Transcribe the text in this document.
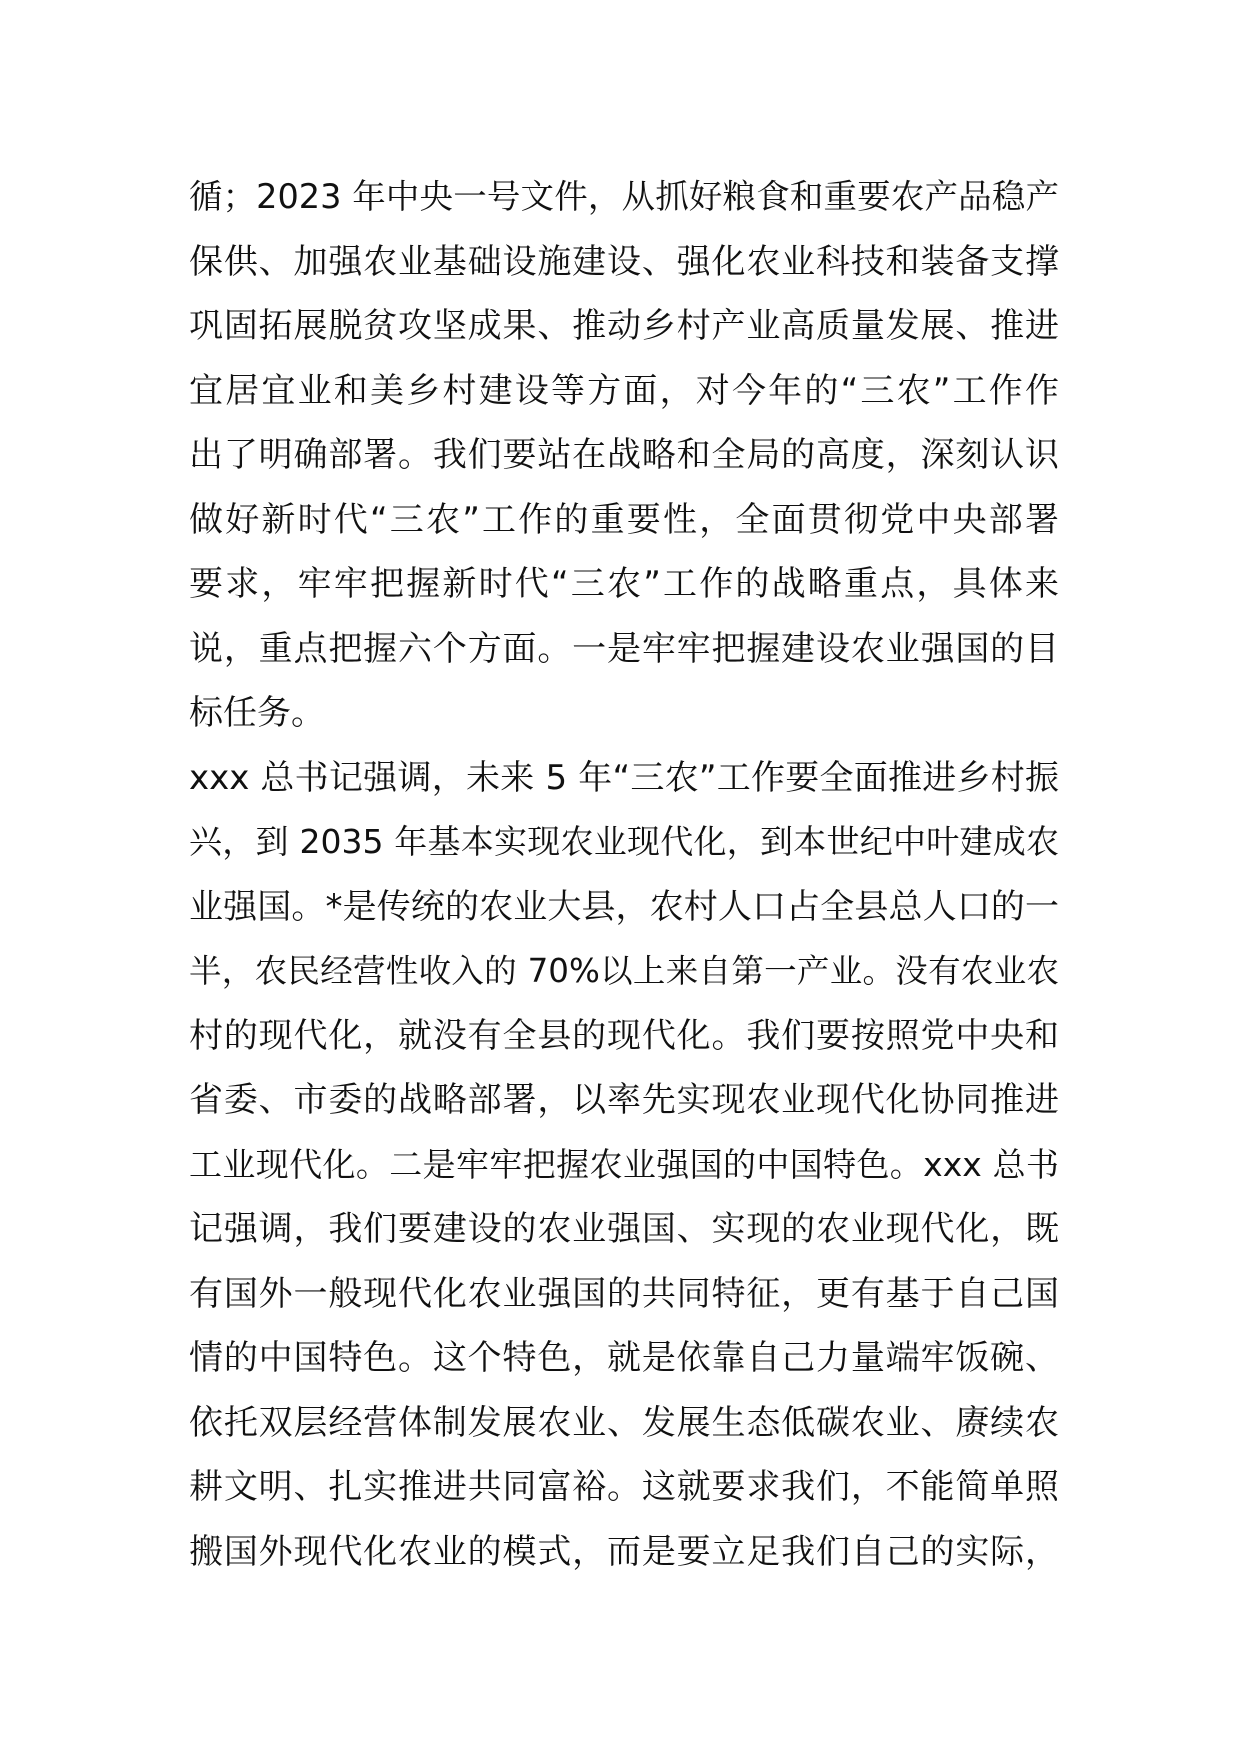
循；2023 年中央一号文件，从抓好粮食和重要农产品稳产
保供、加强农业基础设施建设、强化农业科技和装备支撑
巩固拓展脱贫攻坚成果、推动乡村产业高质量发展、推进
宜居宜业和美乡村建设等方面，对今年的“三农”工作作
出了明确部署。我们要站在战略和全局的高度，深刻认识
做好新时代“三农”工作的重要性，全面贯彻党中央部署
要求，牢牢把握新时代“三农”工作的战略重点，具体来
说，重点把握六个方面。一是牢牢把握建设农业强国的目
标任务。
xxx 总书记强调，未来 5 年“三农”工作要全面推进乡村振
兴，到 2035 年基本实现农业现代化，到本世纪中叶建成农
业强国。*是传统的农业大县，农村人口占全县总人口的一
半，农民经营性收入的 70%以上来自第一产业。没有农业农
村的现代化，就没有全县的现代化。我们要按照党中央和
省委、市委的战略部署，以率先实现农业现代化协同推进
工业现代化。二是牢牢把握农业强国的中国特色。xxx 总书
记强调，我们要建设的农业强国、实现的农业现代化，既
有国外一般现代化农业强国的共同特征，更有基于自己国
情的中国特色。这个特色，就是依靠自己力量端牢饭碗、
依托双层经营体制发展农业、发展生态低碳农业、赓续农
耕文明、扎实推进共同富裕。这就要求我们，不能简单照
搬国外现代化农业的模式，而是要立足我们自己的实际，
